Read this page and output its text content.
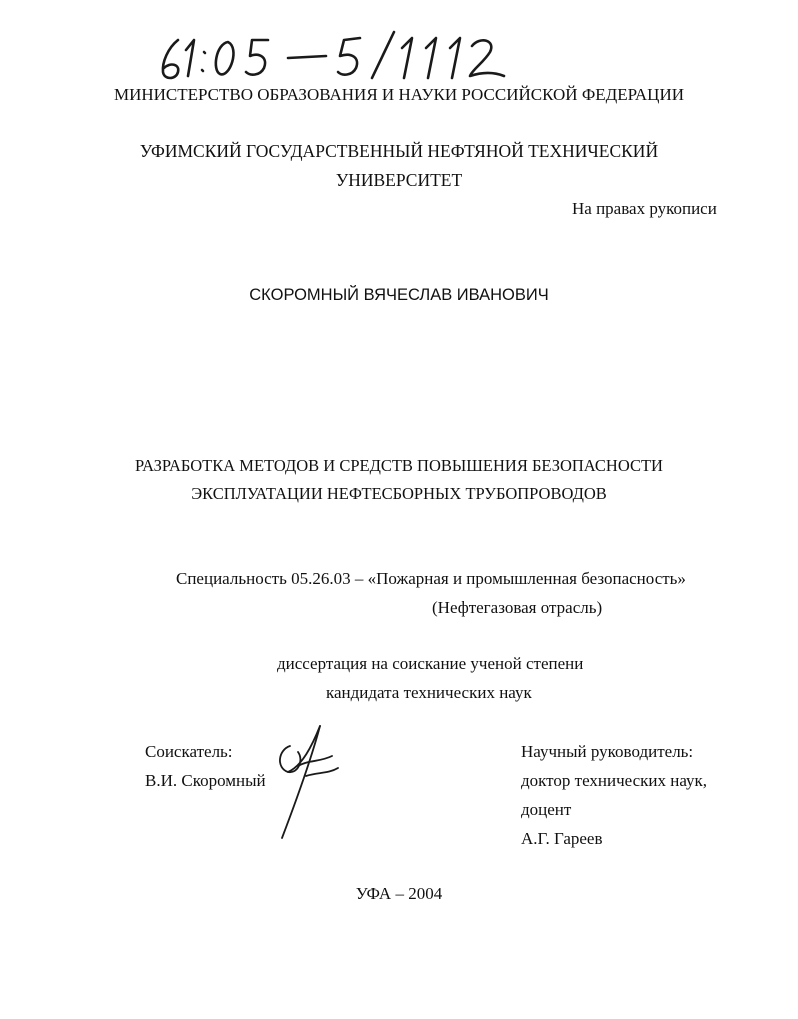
МИНИСТЕРСТВО ОБРАЗОВАНИЯ И НАУКИ РОССИЙСКОЙ ФЕДЕРАЦИИ
УФИМСКИЙ ГОСУДАРСТВЕННЫЙ НЕФТЯНОЙ ТЕХНИЧЕСКИЙ
УНИВЕРСИТЕТ
На правах рукописи
СКОРОМНЫЙ ВЯЧЕСЛАВ ИВАНОВИЧ
РАЗРАБОТКА МЕТОДОВ И СРЕДСТВ ПОВЫШЕНИЯ БЕЗОПАСНОСТИ
ЭКСПЛУАТАЦИИ НЕФТЕСБОРНЫХ ТРУБОПРОВОДОВ
Специальность 05.26.03 – «Пожарная и промышленная безопасность»
(Нефтегазовая отрасль)
диссертация на соискание ученой степени
кандидата технических наук
Соискатель:
В.И. Скоромный
Научный руководитель:
доктор технических наук,
доцент
А.Г. Гареев
УФА – 2004
